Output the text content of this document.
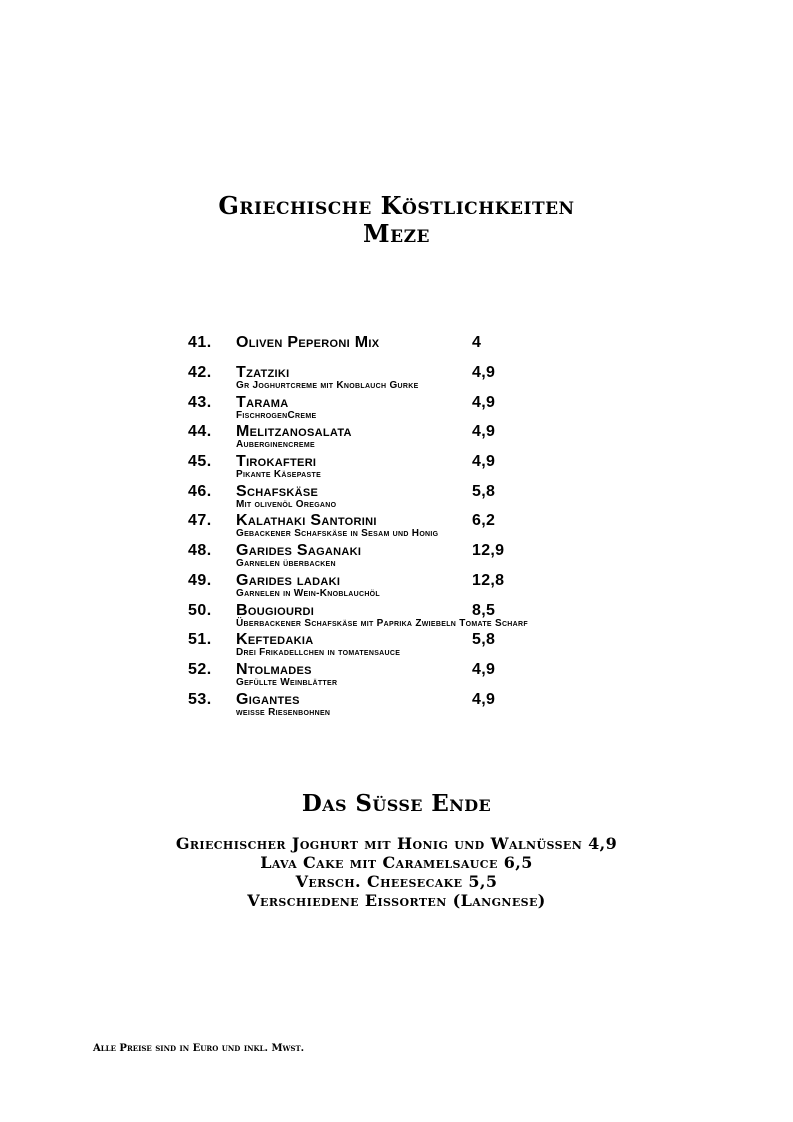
Griechische Köstlichkeiten
Meze
41. Oliven Peperoni Mix	4
42. Tzatziki	4,9
Gr Joghurtcreme mit Knoblauch Gurke
43. Tarama	4,9
FischrogenCreme
44. Melitzanosalata	4,9
Auberginencreme
45. Tirokafteri	4,9
Pikante Käsepaste
46. Schafskäse	5,8
Mit olivenöl Oregano
47. Kalathaki Santorini	6,2
Gebackener Schafskäse in Sesam und Honig
48. Garides Saganaki	12,9
Garnelen überbacken
49. Garides ladaki	12,8
Garnelen in Wein-Knoblauchöl
50. Bougiourdi	8,5
Überbackener Schafskäse mit Paprika Zwiebeln Tomate Scharf
51. Keftedakia	5,8
Drei Frikadellchen in tomatensauce
52. Ntolmades	4,9
Gefüllte Weinblätter
53. Gigantes	4,9
weisse Riesenbohnen
Das Süsse Ende
Griechischer Joghurt mit Honig und Walnüssen 4,9
Lava Cake mit Caramelsauce 6,5
Versch. Cheesecake 5,5
Verschiedene Eissorten (Langnese)
Alle Preise sind in Euro und inkl. Mwst.
